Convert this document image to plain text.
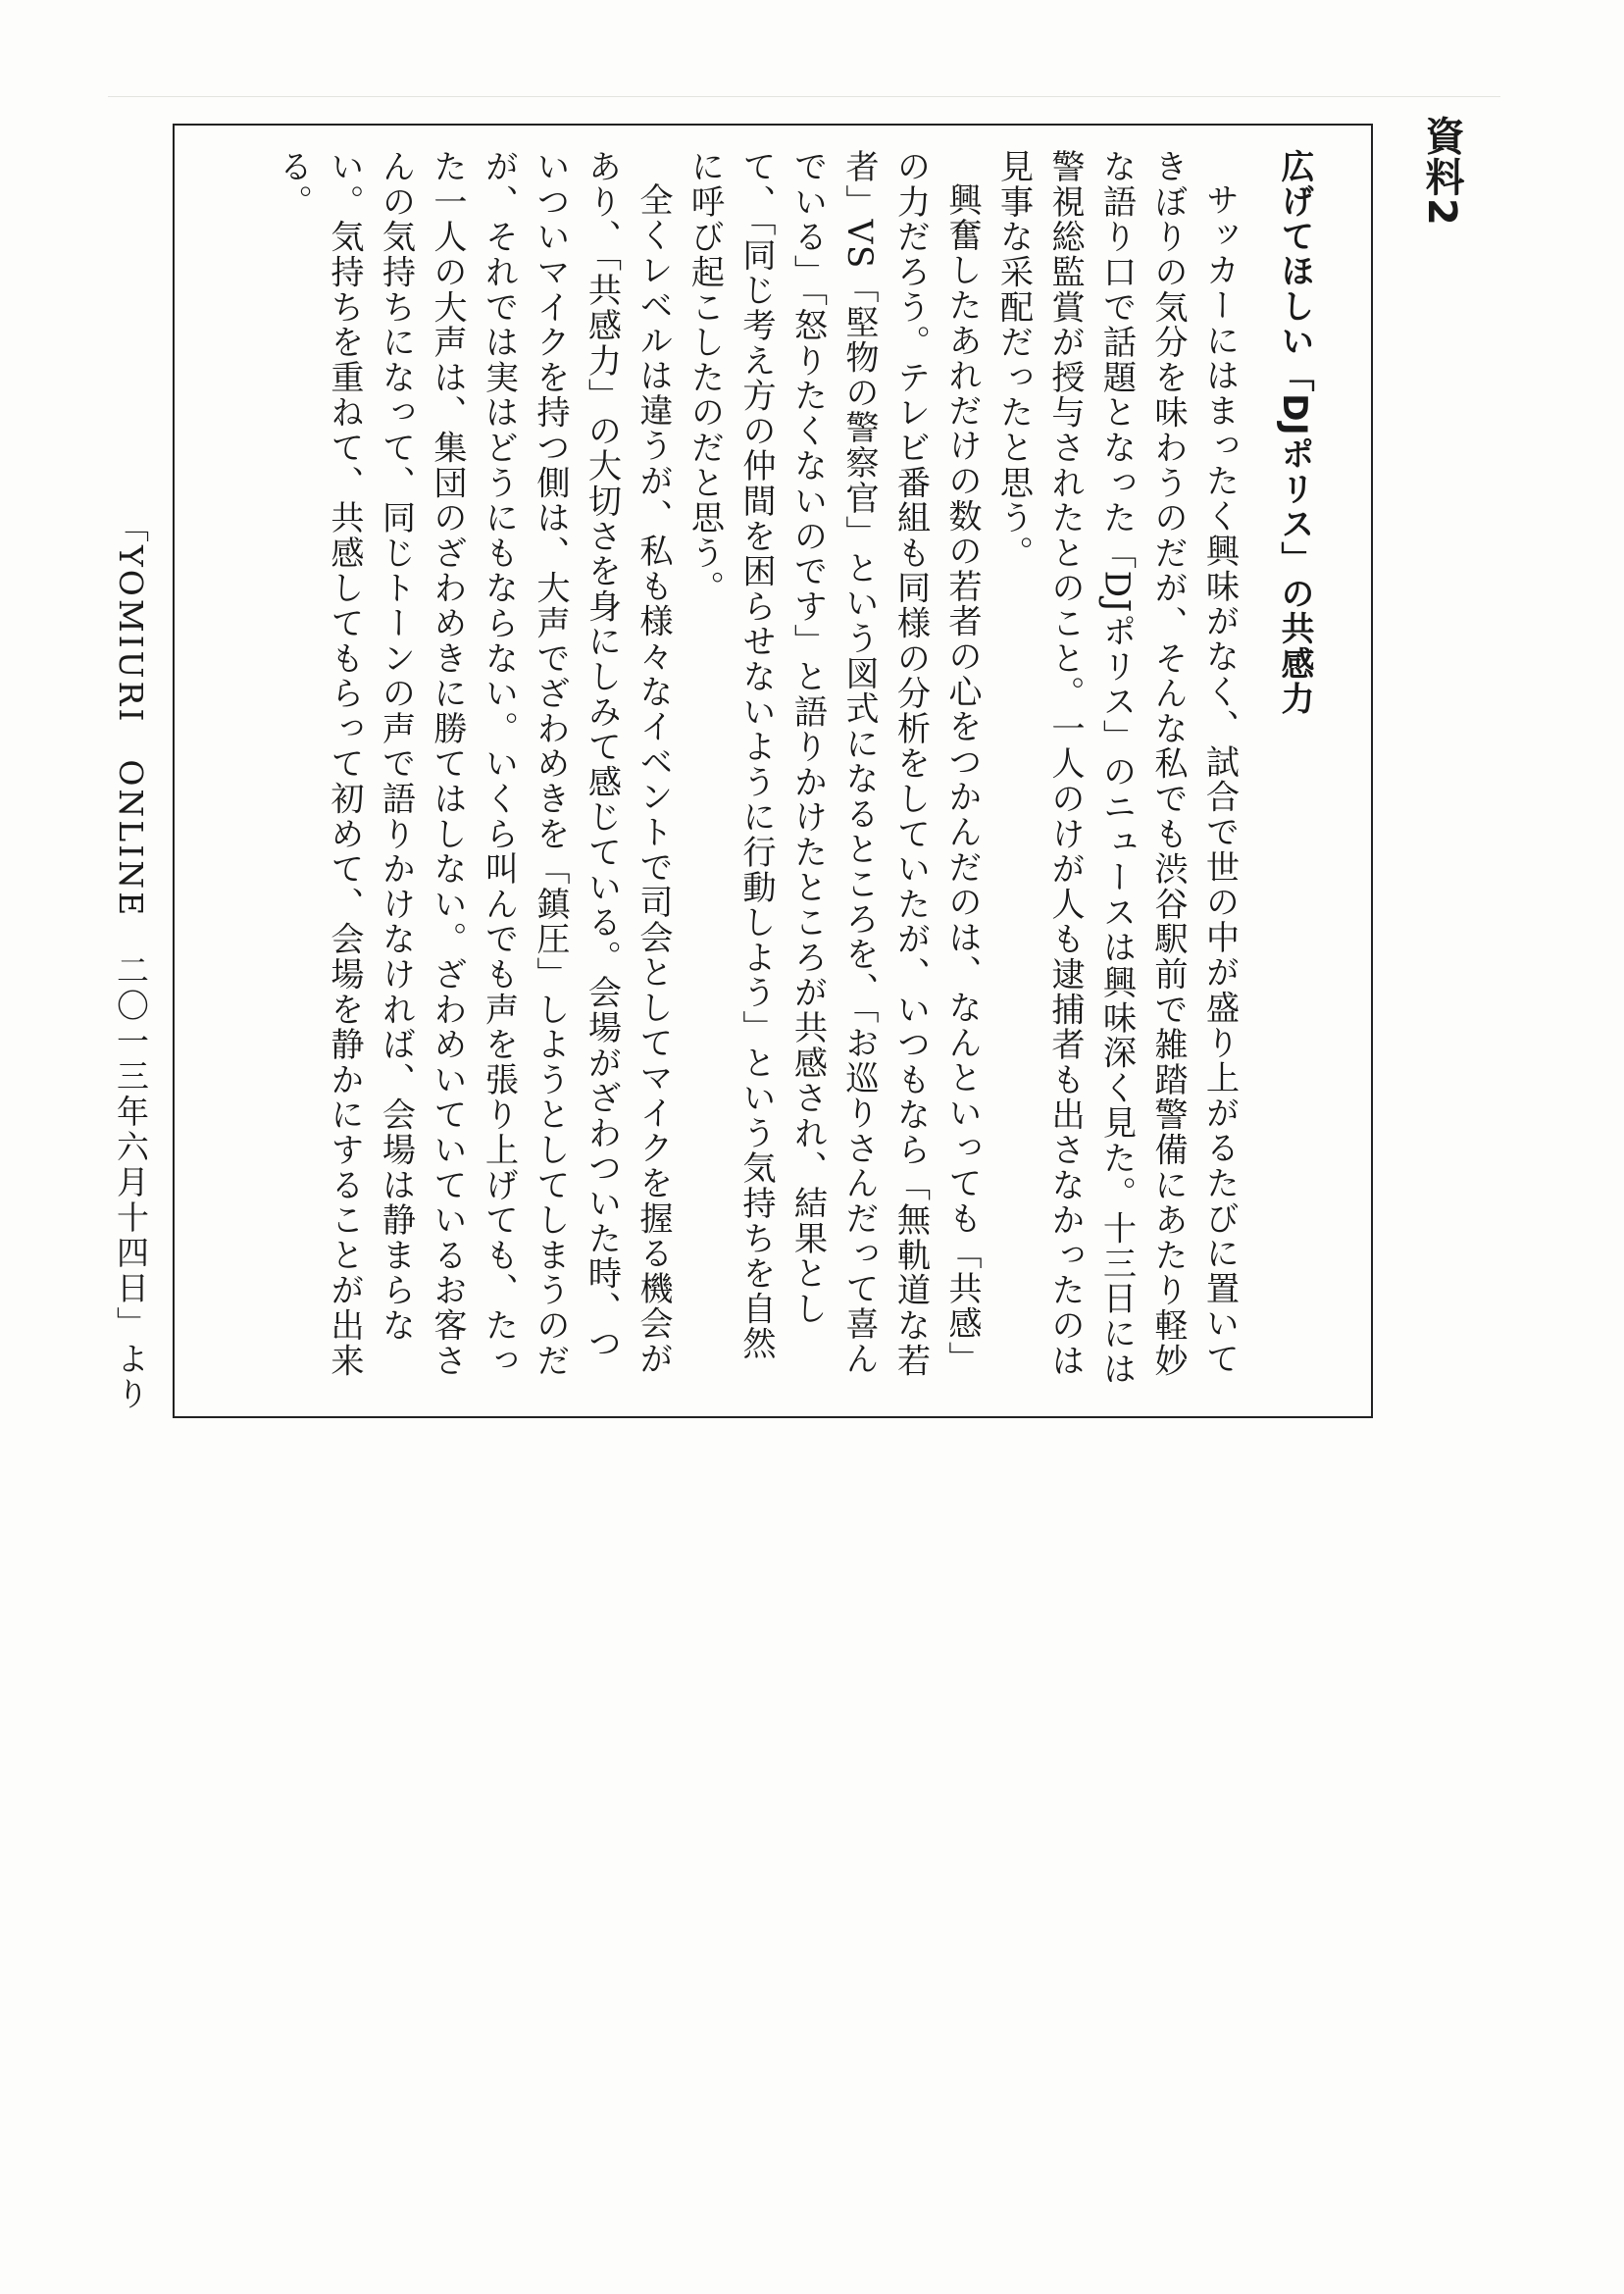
資料2

広げてほしい「DJポリス」の共感力

サッカーにはまったく興味がなく、試合で世の中が盛り上がるたびに置いてきぼりの気分を味わうのだが、そんな私でも渋谷駅前で雑踏警備にあたり軽妙な語り口で話題となった「DJポリス」のニュースは興味深く見た。十三日には警視総監賞が授与されたとのこと。一人のけが人も逮捕者も出さなかったのは見事な采配だったと思う。

興奮したあれだけの数の若者の心をつかんだのは、なんといっても「共感」の力だろう。テレビ番組も同様の分析をしていたが、いつもなら「無軌道な若者」VS「堅物の警察官」という図式になるところを、「お巡りさんだって喜んでいる」「怒りたくないのです」と語りかけたところが共感され、結果として、「同じ考え方の仲間を困らせないように行動しよう」という気持ちを自然に呼び起こしたのだと思う。

全くレベルは違うが、私も様々なイベントで司会としてマイクを握る機会があり、「共感力」の大切さを身にしみて感じている。会場がざわついた時、ついついマイクを持つ側は、大声でざわめきを「鎮圧」しようとしてしまうのだが、それでは実はどうにもならない。いくら叫んでも声を張り上げても、たった一人の大声は、集団のざわめきに勝てはしない。ざわめいていているお客さんの気持ちになって、同じトーンの声で語りかけなければ、会場は静まらない。気持ちを重ねて、共感してもらって初めて、会場を静かにすることが出来る。

「YOMIURI　ONLINE　二〇一三年六月十四日」より
